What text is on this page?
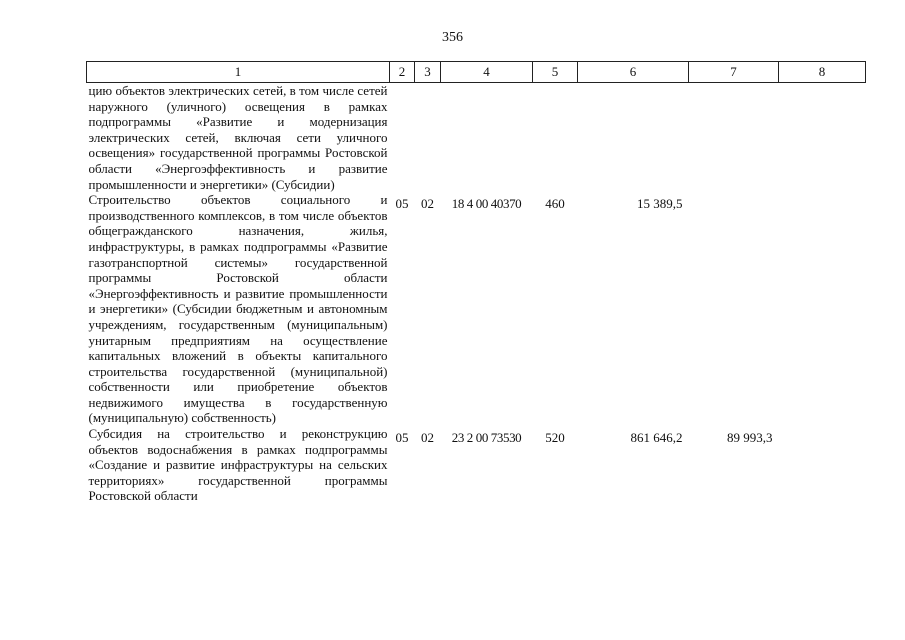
356
1	2	3	4	5	6	7	8
цию объектов электрических сетей, в том числе сетей наружного (уличного) освещения в рамках подпрограммы «Развитие и модернизация электрических сетей, включая сети уличного освещения» государственной программы Ростовской области «Энергоэффективность и развитие промышленности и энергетики» (Субсидии)							
Строительство объектов социального и производственного комплексов, в том числе объектов общегражданского назначения, жилья, инфраструктуры, в рамках подпрограммы «Развитие газотранспортной системы» государственной программы Ростовской области «Энергоэффективность и развитие промышленности и энергетики» (Субсидии бюджетным и автономным учреждениям, государственным (муниципальным) унитарным предприятиям на осуществление капитальных вложений в объекты капитального строительства государственной (муниципальной) собственности или приобретение объектов недвижимого имущества в государственную (муниципальную) собственность)	05	02	18 4 00 40370	460	15 389,5		
Субсидия на строительство и реконструкцию объектов водоснабжения в рамках подпрограммы «Создание и развитие инфраструктуры на сельских территориях» государственной программы Ростовской области	05	02	23 2 00 73530	520	861 646,2	89 993,3	
